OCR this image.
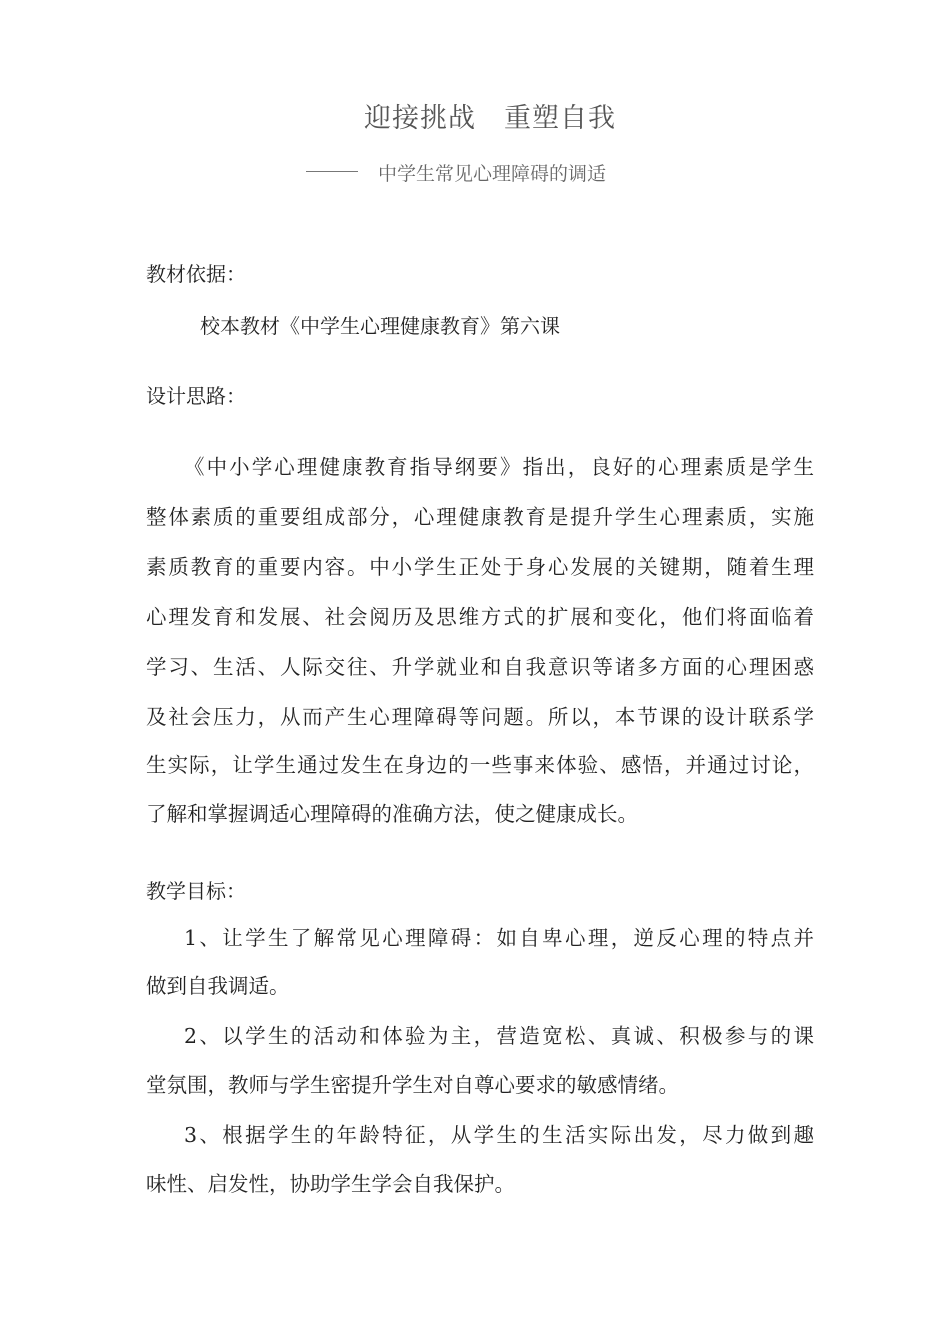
迎接挑战　重塑自我
中学生常见心理障碍的调适
教材依据：
校本教材《中学生心理健康教育》第六课
设计思路：
《中小学心理健康教育指导纲要》指出，良好的心理素质是学生
整体素质的重要组成部分，心理健康教育是提升学生心理素质，实施
素质教育的重要内容。中小学生正处于身心发展的关键期，随着生理
心理发育和发展、社会阅历及思维方式的扩展和变化，他们将面临着
学习、生活、人际交往、升学就业和自我意识等诸多方面的心理困惑
及社会压力，从而产生心理障碍等问题。所以，本节课的设计联系学
生实际，让学生通过发生在身边的一些事来体验、感悟，并通过讨论，
了解和掌握调适心理障碍的准确方法，使之健康成长。
教学目标：
1、让学生了解常见心理障碍：如自卑心理，逆反心理的特点并
做到自我调适。
2、以学生的活动和体验为主，营造宽松、真诚、积极参与的课
堂氛围，教师与学生密提升学生对自尊心要求的敏感情绪。
3、根据学生的年龄特征，从学生的生活实际出发，尽力做到趣
味性、启发性，协助学生学会自我保护。
